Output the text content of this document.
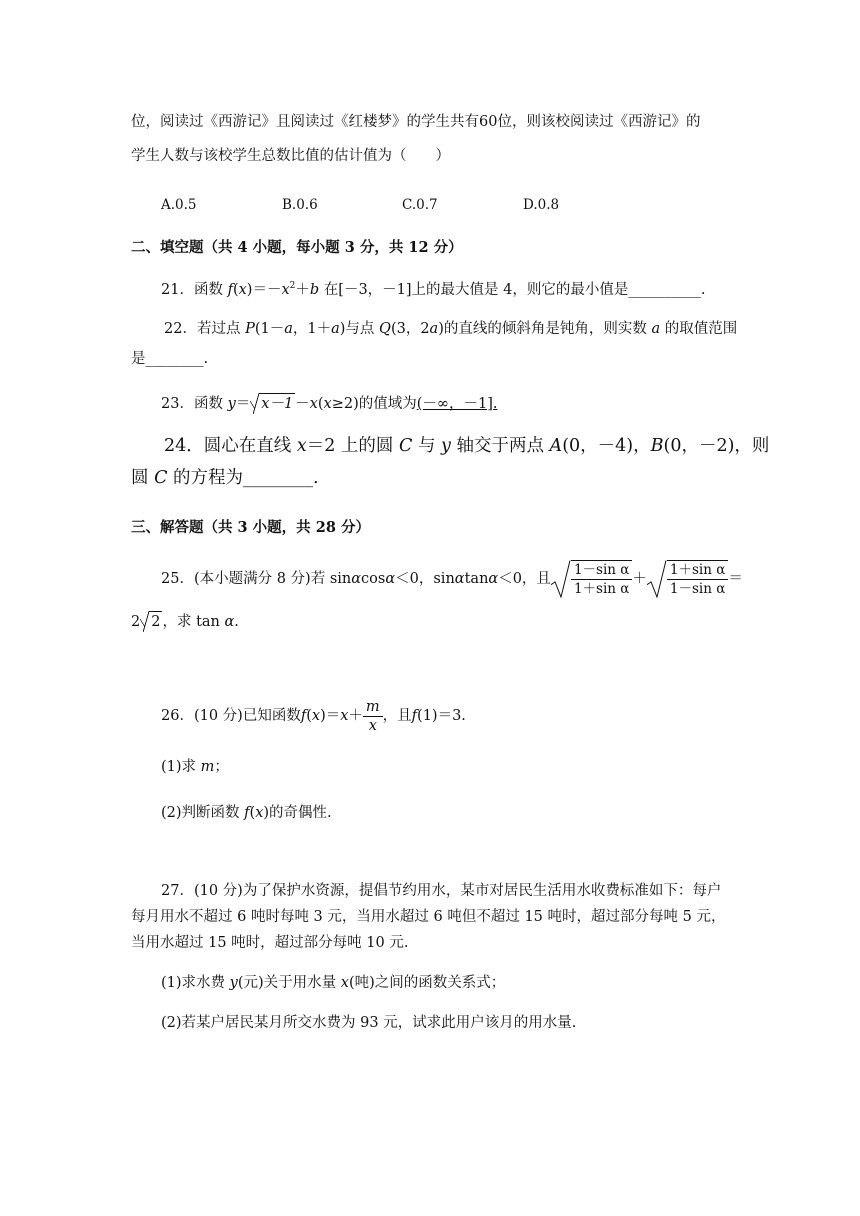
位，阅读过《西游记》且阅读过《红楼梦》的学生共有60位，则该校阅读过《西游记》的
学生人数与该校学生总数比值的估计值为（　　）
A.0.5	B.0.6	C.0.7	D.0.8
二、填空题（共 4 小题，每小题 3 分，共 12 分）
21．函数 $f(x)=-x^2+b$ 在[－3，－1]上的最大值是 4，则它的最小值是__________.
22．若过点 P(1－a，1＋a)与点 Q(3，2a)的直线的倾斜角是钝角，则实数 a 的取值范围
是________.
23．函数 y＝ x－1 －x(x≥2)的值域为(－∞，－1].
24．圆心在直线 x＝2 上的圆 C 与 y 轴交于两点 A(0，－4)，B(0，－2)，则
圆 C 的方程为________.
三、解答题（共 3 小题，共 28 分）
25． (本小题满分 8 分)若 sin α cos α ＜0，sin α tan α ＜0，且 $\frac{\text{1－sin α}}{\text{1＋sin α}} + \frac{\text{1＋sin α}}{\text{1－sin α}}$ ＝
2 2 ，求 tan α.
26． (10 分)已知函数 f ( x )＝ $x + \frac{m}{x}$ ，且 f (1)＝3.
(1)求 m；
(2)判断函数 f(x)的奇偶性.
27．(10 分)为了保护水资源，提倡节约用水，某市对居民生活用水收费标准如下：每户
每月用水不超过 6 吨时每吨 3 元，当用水超过 6 吨但不超过 15 吨时，超过部分每吨 5 元，
当用水超过 15 吨时，超过部分每吨 10 元.
(1)求水费 y(元)关于用水量 x(吨)之间的函数关系式；
(2)若某户居民某月所交水费为 93 元，试求此用户该月的用水量.
